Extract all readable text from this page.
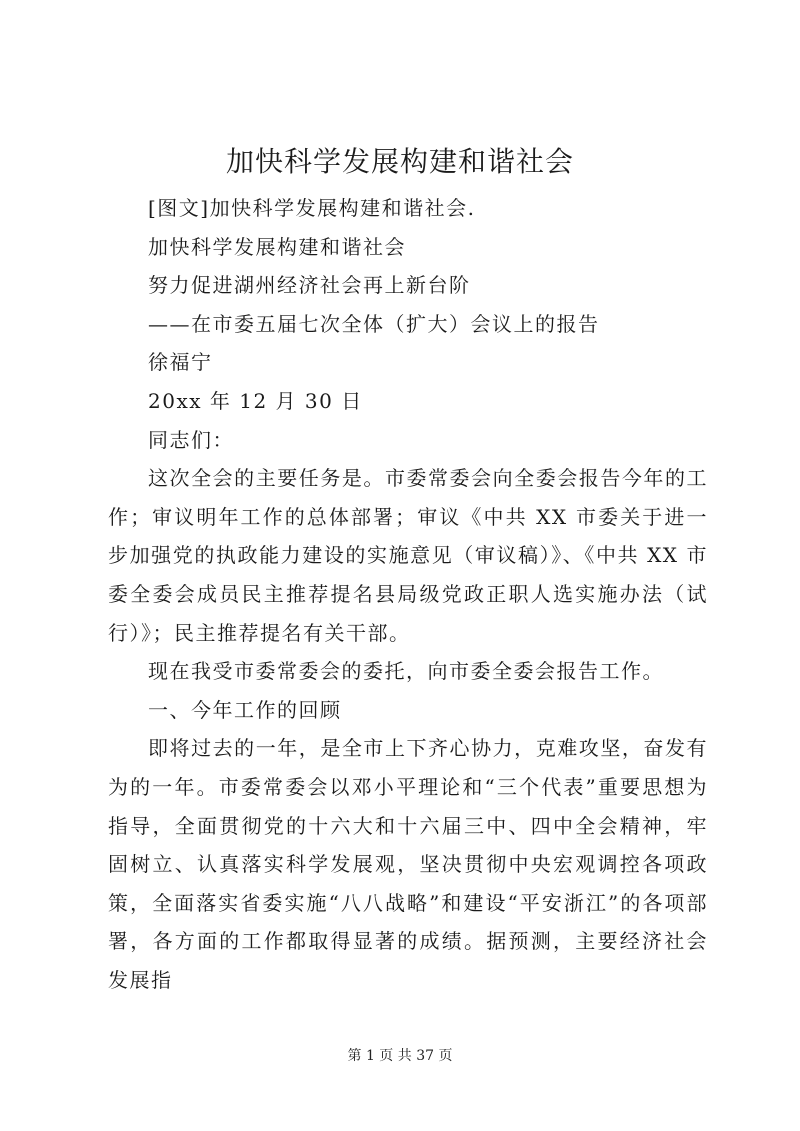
加快科学发展构建和谐社会

[图文]加快科学发展构建和谐社会.

加快科学发展构建和谐社会

努力促进湖州经济社会再上新台阶

——在市委五届七次全体（扩大）会议上的报告

徐福宁

20xx 年 12 月 30 日

同志们：

这次全会的主要任务是。市委常委会向全委会报告今年的工作；审议明年工作的总体部署；审议《中共 XX 市委关于进一步加强党的执政能力建设的实施意见（审议稿）》、《中共 XX 市委全委会成员民主推荐提名县局级党政正职人选实施办法（试行）》；民主推荐提名有关干部。

现在我受市委常委会的委托，向市委全委会报告工作。

一、今年工作的回顾

即将过去的一年，是全市上下齐心协力，克难攻坚，奋发有为的一年。市委常委会以邓小平理论和“三个代表”重要思想为指导，全面贯彻党的十六大和十六届三中、四中全会精神，牢固树立、认真落实科学发展观，坚决贯彻中央宏观调控各项政策，全面落实省委实施“八八战略”和建设“平安浙江”的各项部署，各方面的工作都取得显著的成绩。据预测，主要经济社会发展指

第 1 页 共 37 页
